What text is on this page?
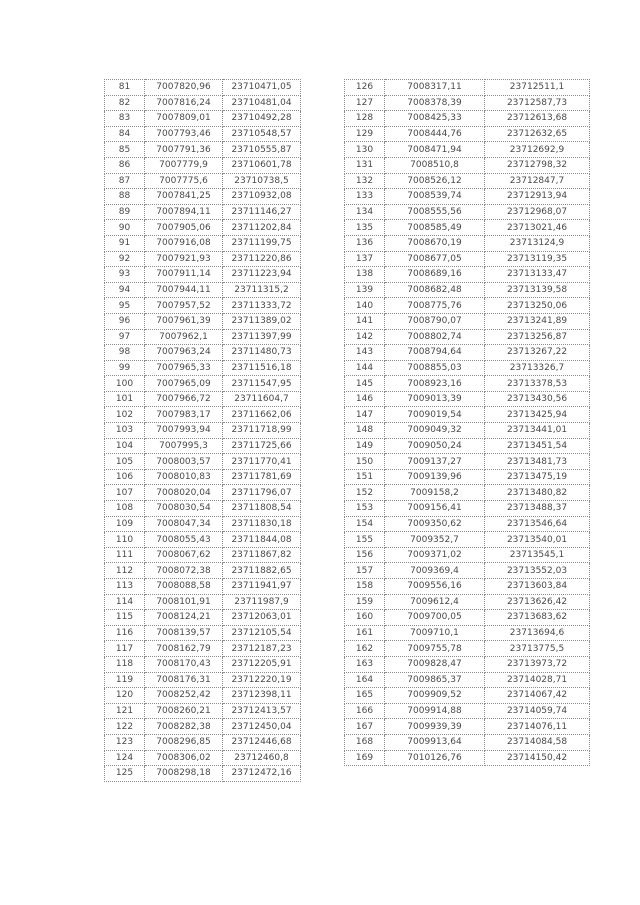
81	7007820,96	23710471,05
82	7007816,24	23710481,04
83	7007809,01	23710492,28
84	7007793,46	23710548,57
85	7007791,36	23710555,87
86	7007779,9	23710601,78
87	7007775,6	23710738,5
88	7007841,25	23710932,08
89	7007894,11	23711146,27
90	7007905,06	23711202,84
91	7007916,08	23711199,75
92	7007921,93	23711220,86
93	7007911,14	23711223,94
94	7007944,11	23711315,2
95	7007957,52	23711333,72
96	7007961,39	23711389,02
97	7007962,1	23711397,99
98	7007963,24	23711480,73
99	7007965,33	23711516,18
100	7007965,09	23711547,95
101	7007966,72	23711604,7
102	7007983,17	23711662,06
103	7007993,94	23711718,99
104	7007995,3	23711725,66
105	7008003,57	23711770,41
106	7008010,83	23711781,69
107	7008020,04	23711796,07
108	7008030,54	23711808,54
109	7008047,34	23711830,18
110	7008055,43	23711844,08
111	7008067,62	23711867,82
112	7008072,38	23711882,65
113	7008088,58	23711941,97
114	7008101,91	23711987,9
115	7008124,21	23712063,01
116	7008139,57	23712105,54
117	7008162,79	23712187,23
118	7008170,43	23712205,91
119	7008176,31	23712220,19
120	7008252,42	23712398,11
121	7008260,21	23712413,57
122	7008282,38	23712450,04
123	7008296,85	23712446,68
124	7008306,02	23712460,8
125	7008298,18	23712472,16
126	7008317,11	23712511,1
127	7008378,39	23712587,73
128	7008425,33	23712613,68
129	7008444,76	23712632,65
130	7008471,94	23712692,9
131	7008510,8	23712798,32
132	7008526,12	23712847,7
133	7008539,74	23712913,94
134	7008555,56	23712968,07
135	7008585,49	23713021,46
136	7008670,19	23713124,9
137	7008677,05	23713119,35
138	7008689,16	23713133,47
139	7008682,48	23713139,58
140	7008775,76	23713250,06
141	7008790,07	23713241,89
142	7008802,74	23713256,87
143	7008794,64	23713267,22
144	7008855,03	23713326,7
145	7008923,16	23713378,53
146	7009013,39	23713430,56
147	7009019,54	23713425,94
148	7009049,32	23713441,01
149	7009050,24	23713451,54
150	7009137,27	23713481,73
151	7009139,96	23713475,19
152	7009158,2	23713480,82
153	7009156,41	23713488,37
154	7009350,62	23713546,64
155	7009352,7	23713540,01
156	7009371,02	23713545,1
157	7009369,4	23713552,03
158	7009556,16	23713603,84
159	7009612,4	23713626,42
160	7009700,05	23713683,62
161	7009710,1	23713694,6
162	7009755,78	23713775,5
163	7009828,47	23713973,72
164	7009865,37	23714028,71
165	7009909,52	23714067,42
166	7009914,88	23714059,74
167	7009939,39	23714076,11
168	7009913,64	23714084,58
169	7010126,76	23714150,42
